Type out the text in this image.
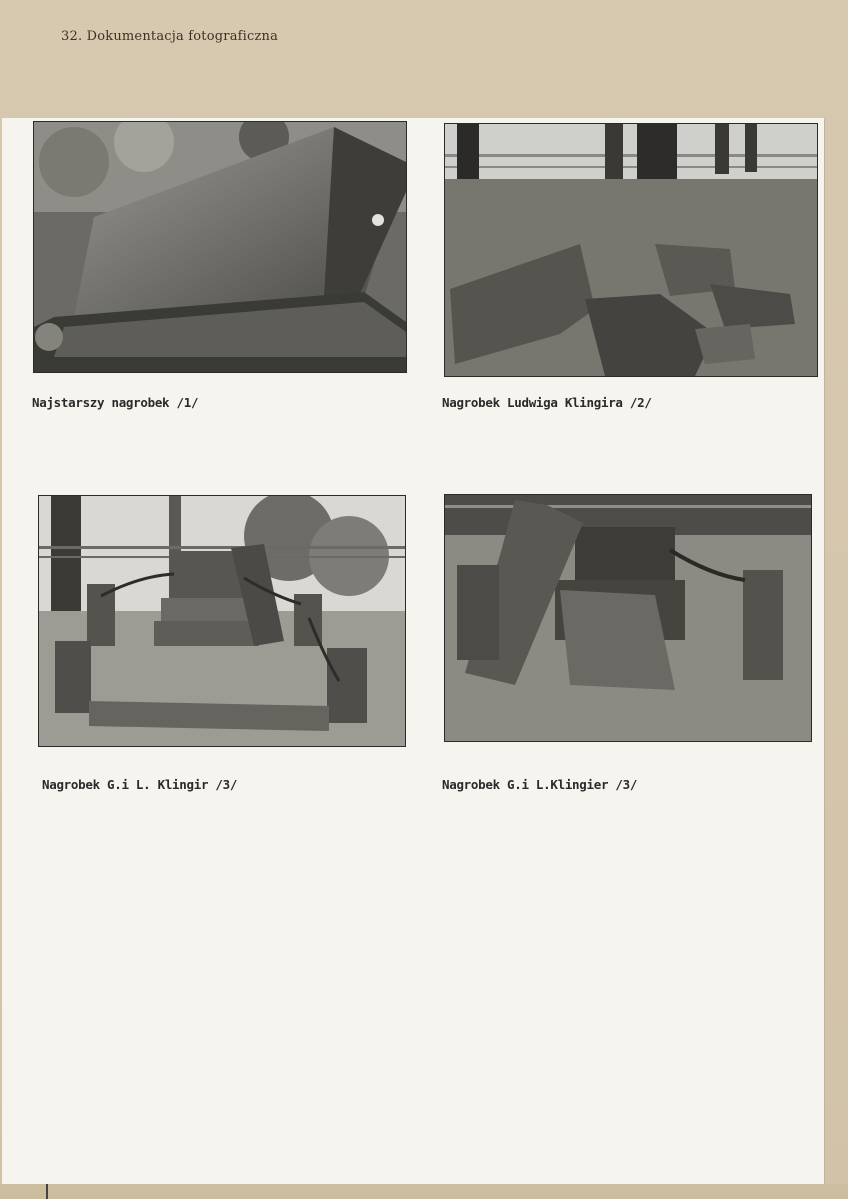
32. Dokumentacja fotograficzna
Najstarszy nagrobek /1/	Nagrobek Ludwiga Klingira /2/
Nagrobek G.i L. Klingir /3/	Nagrobek G.i L.Klingier /3/
